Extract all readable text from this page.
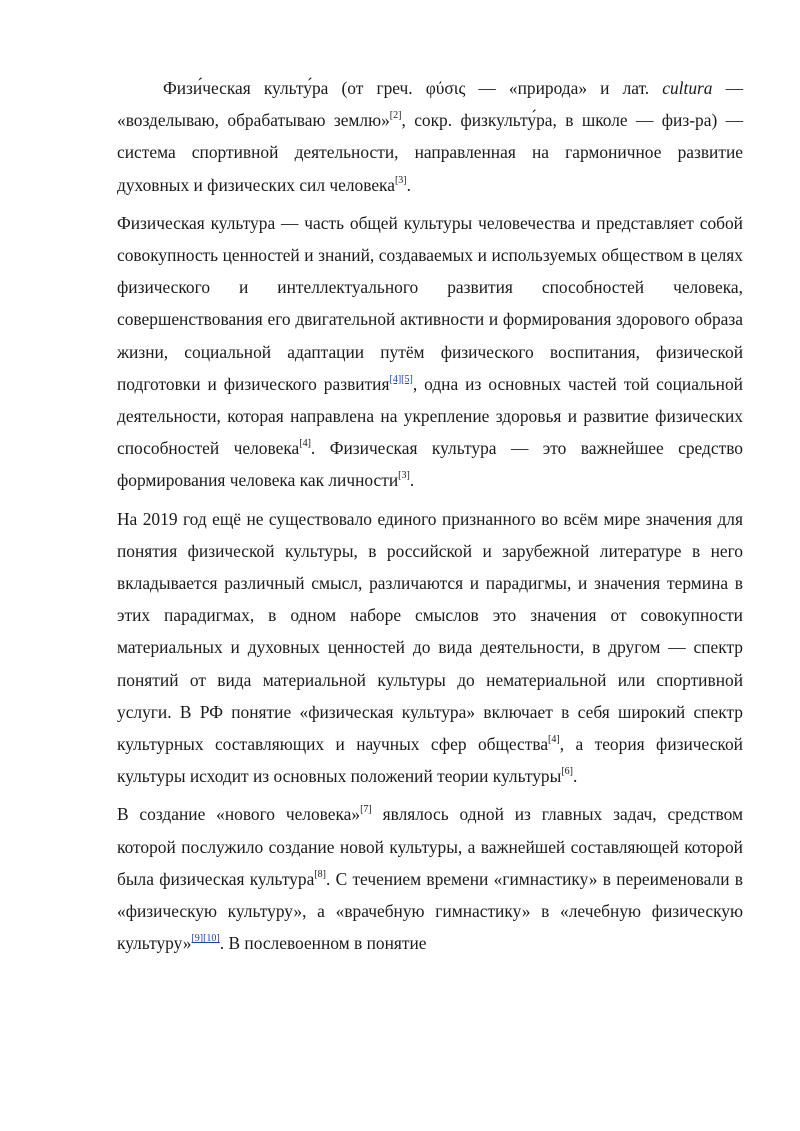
Физи́ческая культу́ра (от греч. φύσις — «природа» и лат. cultura — «возделываю, обрабатываю землю»[2], сокр. физкульту́ра, в школе — физ-ра) — система спортивной деятельности, направленная на гармоничное развитие духовных и физических сил человека[3].

Физическая культура — часть общей культуры человечества и представляет собой совокупность ценностей и знаний, создаваемых и используемых обществом в целях физического и интеллектуального развития способностей человека, совершенствования его двигательной активности и формирования здорового образа жизни, социальной адаптации путём физического воспитания, физической подготовки и физического развития[4][5], одна из основных частей той социальной деятельности, которая направлена на укрепление здоровья и развитие физических способностей человека[4]. Физическая культура — это важнейшее средство формирования человека как личности[3].

На 2019 год ещё не существовало единого признанного во всём мире значения для понятия физической культуры, в российской и зарубежной литературе в него вкладывается различный смысл, различаются и парадигмы, и значения термина в этих парадигмах, в одном наборе смыслов это значения от совокупности материальных и духовных ценностей до вида деятельности, в другом — спектр понятий от вида материальной культуры до нематериальной или спортивной услуги. В РФ понятие «физическая культура» включает в себя широкий спектр культурных составляющих и научных сфер общества[4], а теория физической культуры исходит из основных положений теории культуры[6].

В создание «нового человека»[7] являлось одной из главных задач, средством которой послужило создание новой культуры, а важнейшей составляющей которой была физическая культура[8]. С течением времени «гимнастику» в переименовали в «физическую культуру», а «врачебную гимнастику» в «лечебную физическую культуру»[9][10]. В послевоенном в понятие
